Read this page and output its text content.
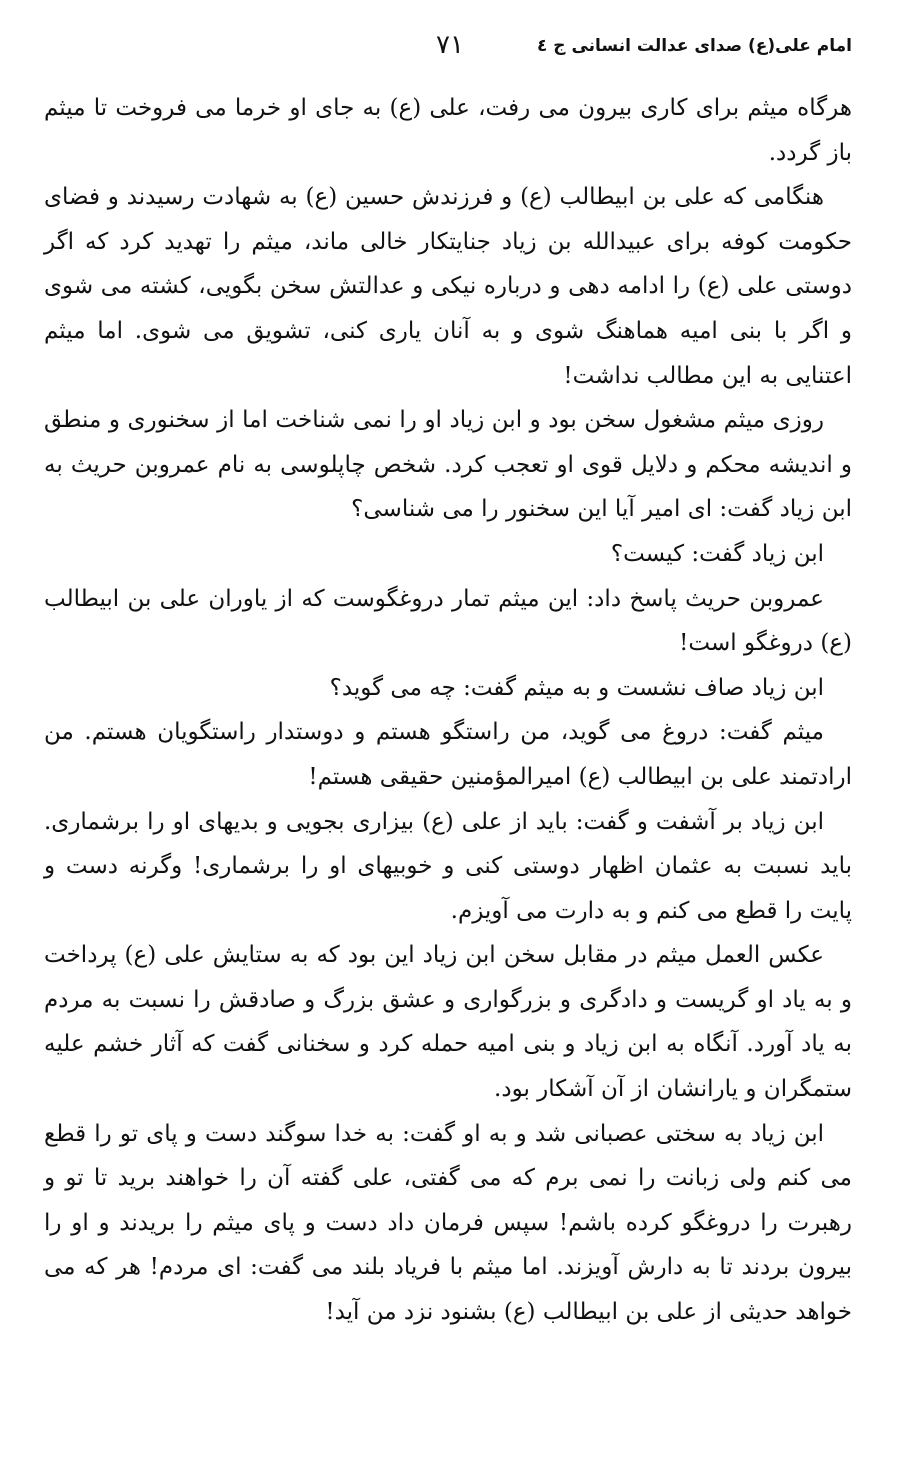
امام علی(ع) صدای عدالت انسانی ج ٤
۷۱

هرگاه میثم برای کاری بیرون می رفت، علی (ع) به جای او خرما می فروخت تا میثم باز گردد.

هنگامی که علی بن ابیطالب (ع) و فرزندش حسین (ع) به شهادت رسیدند و فضای حکومت کوفه برای عبیدالله بن زیاد جنایتکار خالی ماند، میثم را تهدید کرد که اگر دوستی علی (ع) را ادامه دهی و درباره نیکی و عدالتش سخن بگویی، کشته می شوی و اگر با بنی امیه هماهنگ شوی و به آنان یاری کنی، تشویق می شوی. اما میثم اعتنایی به این مطالب نداشت!

روزی میثم مشغول سخن بود و ابن زیاد او را نمی شناخت اما از سخنوری و منطق و اندیشه محکم و دلایل قوی او تعجب کرد. شخص چاپلوسی به نام عمروبن حریث به ابن زیاد گفت: ای امیر آیا این سخنور را می شناسی؟

ابن زیاد گفت: کیست؟

عمروبن حریث پاسخ داد: این میثم تمار دروغگوست که از یاوران علی بن ابیطالب (ع) دروغگو است!

ابن زیاد صاف نشست و به میثم گفت: چه می گوید؟

میثم گفت: دروغ می گوید، من راستگو هستم و دوستدار راستگویان هستم. من ارادتمند علی بن ابیطالب (ع) امیرالمؤمنین حقیقی هستم!

ابن زیاد بر آشفت و گفت: باید از علی (ع) بیزاری بجویی و بدیهای او را برشماری. باید نسبت به عثمان اظهار دوستی کنی و خوبیهای او را برشماری! وگرنه دست و پایت را قطع می کنم و به دارت می آویزم.

عکس العمل میثم در مقابل سخن ابن زیاد این بود که به ستایش علی (ع) پرداخت و به یاد او گریست و دادگری و بزرگواری و عشق بزرگ و صادقش را نسبت به مردم به یاد آورد. آنگاه به ابن زیاد و بنی امیه حمله کرد و سخنانی گفت که آثار خشم علیه ستمگران و یارانشان از آن آشکار بود.

ابن زیاد به سختی عصبانی شد و به او گفت: به خدا سوگند دست و پای تو را قطع می کنم ولی زبانت را نمی برم که می گفتی، علی گفته آن را خواهند برید تا تو و رهبرت را دروغگو کرده باشم! سپس فرمان داد دست و پای میثم را بریدند و او را بیرون بردند تا به دارش آویزند. اما میثم با فریاد بلند می گفت: ای مردم! هر که می خواهد حدیثی از علی بن ابیطالب (ع) بشنود نزد من آید!
